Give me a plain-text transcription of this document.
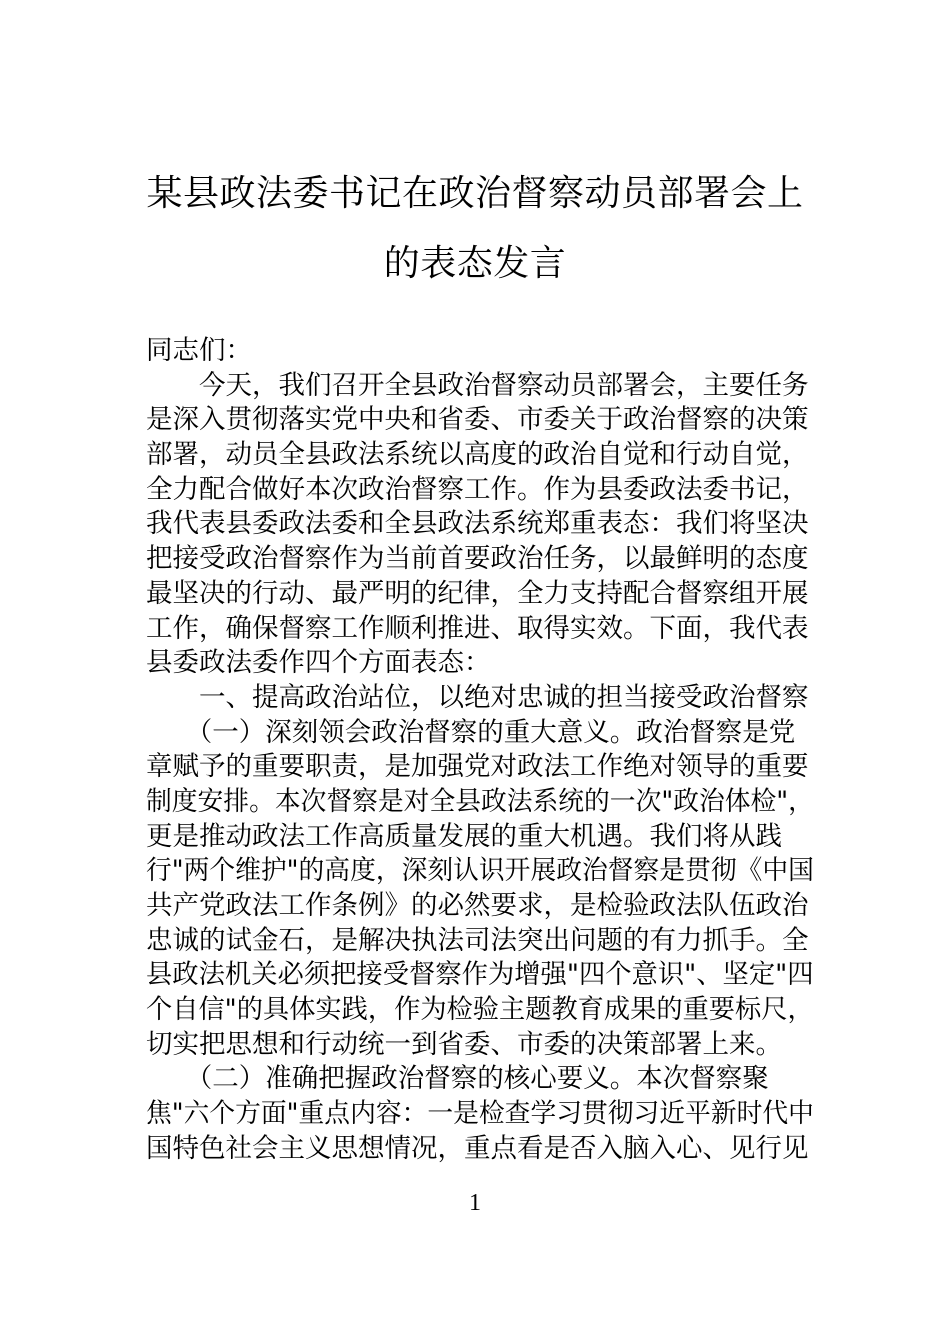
某县政法委书记在政治督察动员部署会上
的表态发言
同志们：
　　今天，我们召开全县政治督察动员部署会，主要任务
是深入贯彻落实党中央和省委、市委关于政治督察的决策
部署，动员全县政法系统以高度的政治自觉和行动自觉，
全力配合做好本次政治督察工作。作为县委政法委书记，
我代表县委政法委和全县政法系统郑重表态：我们将坚决
把接受政治督察作为当前首要政治任务，以最鲜明的态度
最坚决的行动、最严明的纪律，全力支持配合督察组开展
工作，确保督察工作顺利推进、取得实效。下面，我代表
县委政法委作四个方面表态：
　　一、提高政治站位，以绝对忠诚的担当接受政治督察
　　（一）深刻领会政治督察的重大意义。政治督察是党
章赋予的重要职责，是加强党对政法工作绝对领导的重要
制度安排。本次督察是对全县政法系统的一次"政治体检"，
更是推动政法工作高质量发展的重大机遇。我们将从践
行"两个维护"的高度，深刻认识开展政治督察是贯彻《中国
共产党政法工作条例》的必然要求，是检验政法队伍政治
忠诚的试金石，是解决执法司法突出问题的有力抓手。全
县政法机关必须把接受督察作为增强"四个意识"、坚定"四
个自信"的具体实践，作为检验主题教育成果的重要标尺，
切实把思想和行动统一到省委、市委的决策部署上来。
　　（二）准确把握政治督察的核心要义。本次督察聚
焦"六个方面"重点内容：一是检查学习贯彻习近平新时代中
国特色社会主义思想情况，重点看是否入脑入心、见行见
1
